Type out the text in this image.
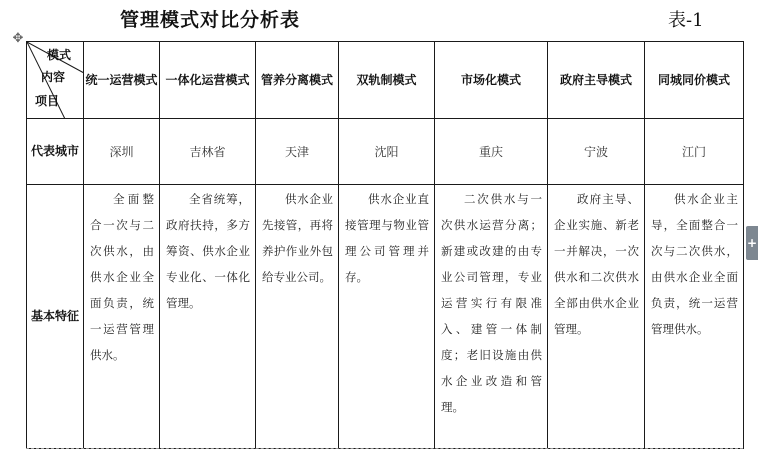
管理模式对比分析表	表-1
✥
模式
内容
项目	统一运营模式	一体化运营模式	管养分离模式	双轨制模式	市场化模式	政府主导模式	同城同价模式
代表城市	深圳	吉林省	天津	沈阳	重庆	宁波	江门
基本特征	全面整合一次与二次供水，由供水企业全面负责，统一运营管理供水。	全省统筹，政府扶持，多方筹资、供水企业专业化、一体化管理。	供水企业先接管，再将养护作业外包给专业公司。	供水企业直接管理与物业管理公司管理并存。	二次供水与一次供水运营分离；新建或改建的由专业公司管理，专业运营实行有限准入、建管一体制度；老旧设施由供水企业改造和管理。	政府主导、企业实施、新老一并解决，一次供水和二次供水全部由供水企业管理。	供水企业主导，全面整合一次与二次供水，由供水企业全面负责，统一运营管理供水。
+
